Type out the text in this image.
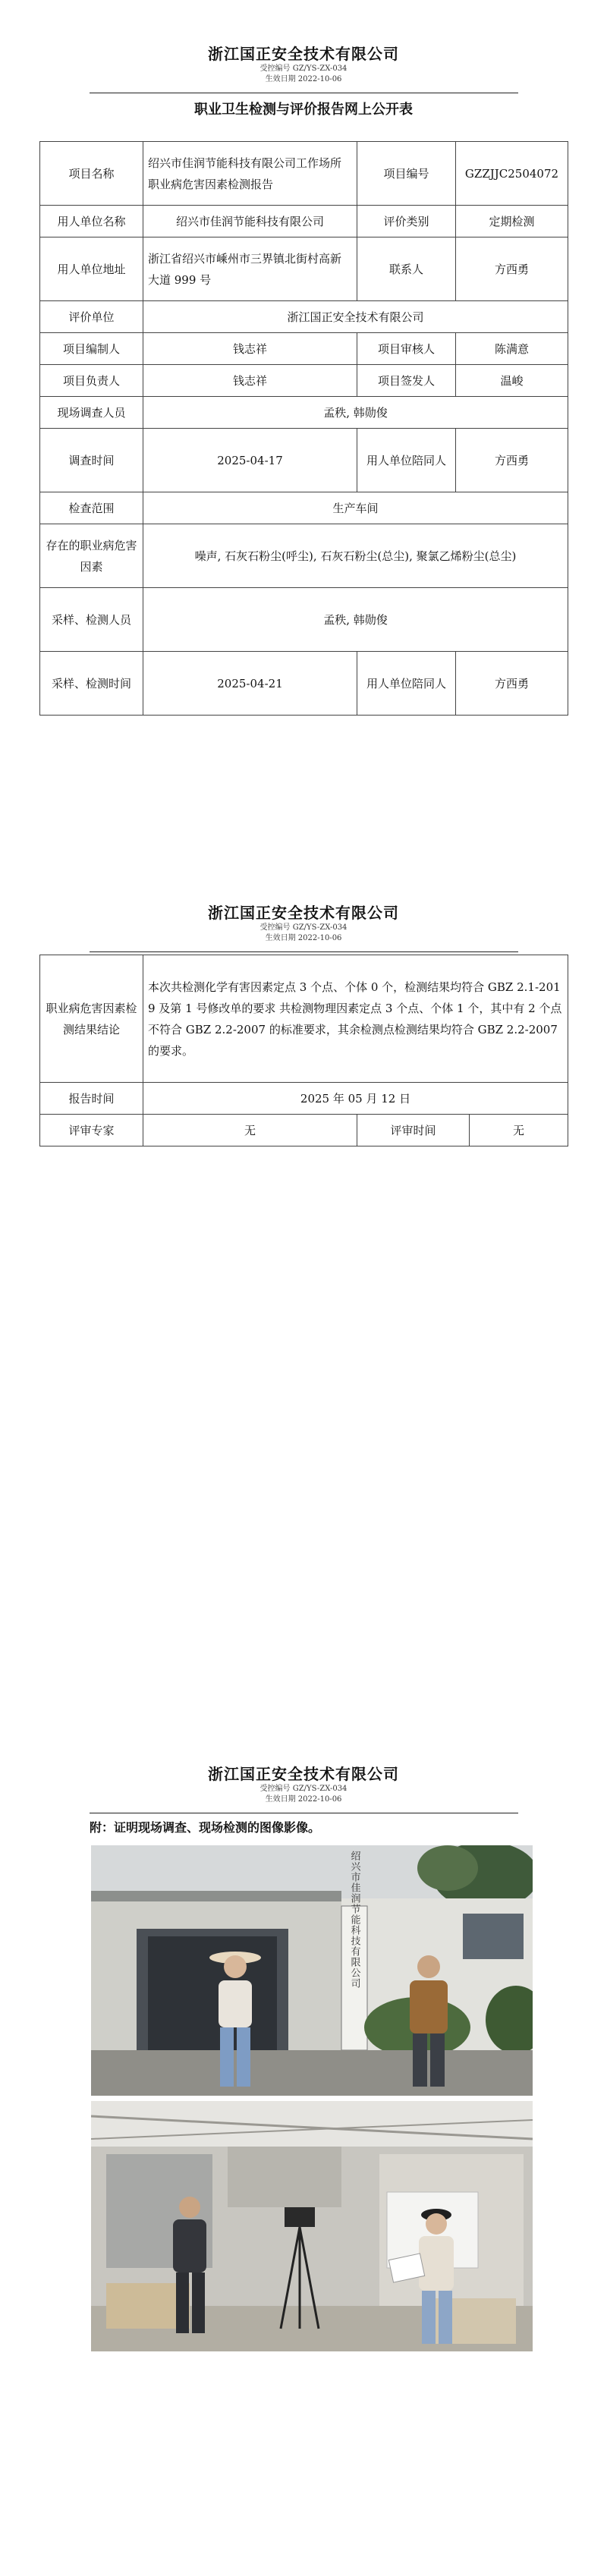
浙江国正安全技术有限公司
受控编号 GZ/YS-ZX-034
生效日期 2022-10-06
职业卫生检测与评价报告网上公开表
项目名称	绍兴市佳润节能科技有限公司工作场所职业病危害因素检测报告	项目编号	GZZJJC2504072
用人单位名称	绍兴市佳润节能科技有限公司	评价类别	定期检测
用人单位地址	浙江省绍兴市嵊州市三界镇北街村高新大道 999 号	联系人	方西勇
评价单位	浙江国正安全技术有限公司		
项目编制人	钱志祥	项目审核人	陈满意
项目负责人	钱志祥	项目签发人	温峻
现场调查人员	孟秩, 韩勋俊		
调查时间	2025-04-17	用人单位陪同人	方西勇
检查范围	生产车间		
存在的职业病危害因素	噪声, 石灰石粉尘(呼尘), 石灰石粉尘(总尘), 聚氯乙烯粉尘(总尘)		
采样、检测人员	孟秩, 韩勋俊		
采样、检测时间	2025-04-21	用人单位陪同人	方西勇
浙江国正安全技术有限公司
受控编号 GZ/YS-ZX-034
生效日期 2022-10-06
职业病危害因素检测结果结论	本次共检测化学有害因素定点 3 个点、个体 0 个，检测结果均符合 GBZ 2.1-2019 及第 1 号修改单的要求 共检测物理因素定点 3 个点、个体 1 个，其中有 2 个点不符合 GBZ 2.2-2007 的标准要求，其余检测点检测结果均符合 GBZ 2.2-2007 的要求。		
报告时间	2025 年 05 月 12 日		
评审专家	无	评审时间	无
浙江国正安全技术有限公司
受控编号 GZ/YS-ZX-034
生效日期 2022-10-06
附：证明现场调查、现场检测的图像影像。
绍兴市佳润节能科技有限公司
